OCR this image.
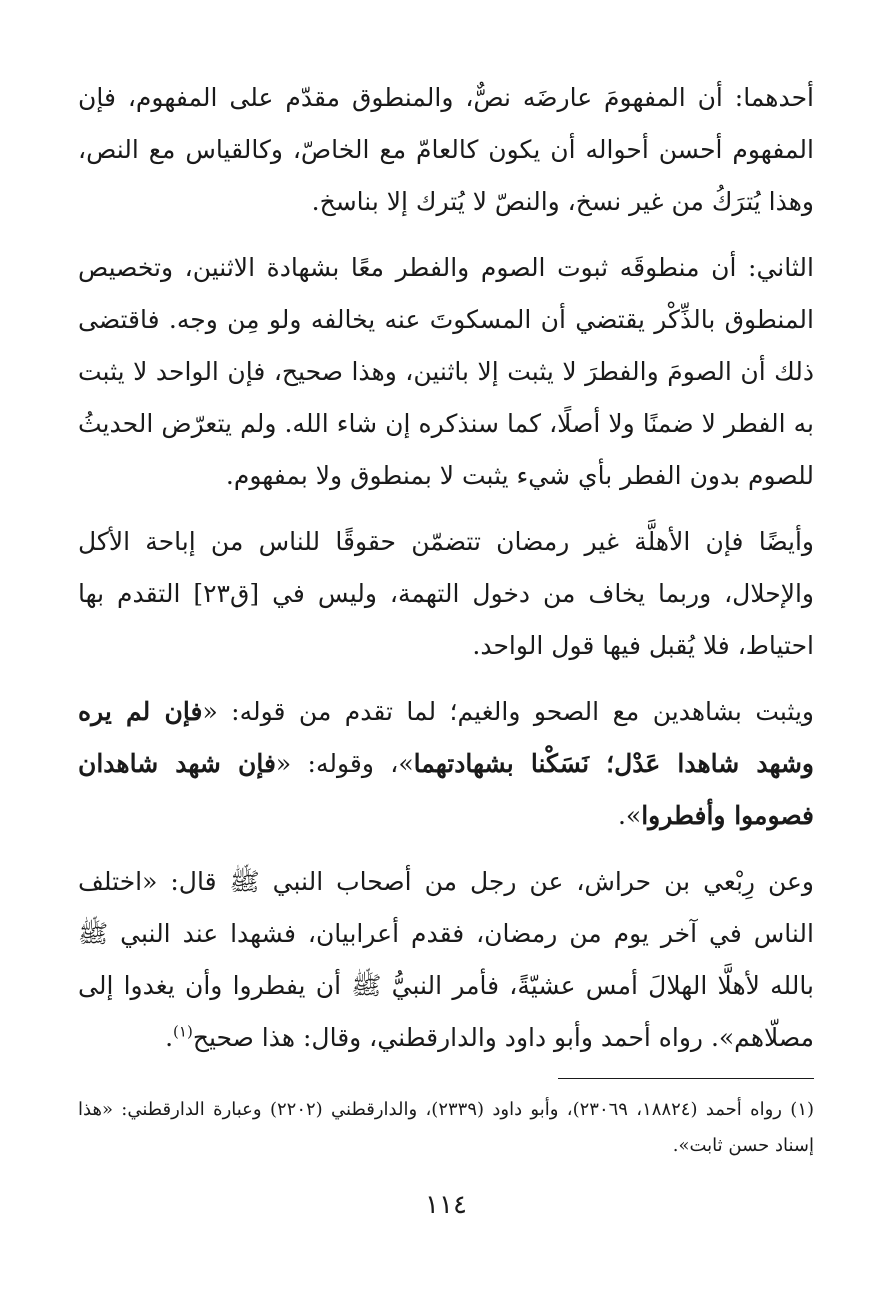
أحدهما: أن المفهومَ عارضَه نصٌّ، والمنطوق مقدّم على المفهوم، فإن المفهوم أحسن أحواله أن يكون كالعامّ مع الخاصّ، وكالقياس مع النص، وهذا يُترَكُ من غير نسخ، والنصّ لا يُترك إلا بناسخ.

الثاني: أن منطوقَه ثبوت الصوم والفطر معًا بشهادة الاثنين، وتخصيص المنطوق بالذِّكْر يقتضي أن المسكوتَ عنه يخالفه ولو مِن وجه. فاقتضى ذلك أن الصومَ والفطرَ لا يثبت إلا باثنين، وهذا صحيح، فإن الواحد لا يثبت به الفطر لا ضمنًا ولا أصلًا، كما سنذكره إن شاء الله. ولم يتعرّض الحديثُ للصوم بدون الفطر بأي شيء يثبت لا بمنطوق ولا بمفهوم.

وأيضًا فإن الأهلَّة غير رمضان تتضمّن حقوقًا للناس من إباحة الأكل والإحلال، وربما يخاف من دخول التهمة، وليس في [ق٢٣] التقدم بها احتياط، فلا يُقبل فيها قول الواحد.

ويثبت بشاهدين مع الصحو والغيم؛ لما تقدم من قوله: «فإن لم يره وشهد شاهدا عَدْل؛ نَسَكْنا بشهادتهما»، وقوله: «فإن شهد شاهدان فصوموا وأفطروا».

وعن رِبْعي بن حراش، عن رجل من أصحاب النبي ﷺ قال: «اختلف الناس في آخر يوم من رمضان، فقدم أعرابيان، فشهدا عند النبي ﷺ بالله لأهلَّا الهلالَ أمس عشيّةً، فأمر النبيُّ ﷺ أن يفطروا وأن يغدوا إلى مصلّاهم». رواه أحمد وأبو داود والدارقطني، وقال: هذا صحيح$^{(١)}$.

(١) رواه أحمد (١٨٨٢٤، ٢٣٠٦٩)، وأبو داود (٢٣٣٩)، والدارقطني (٢٢٠٢) وعبارة الدارقطني: «هذا إسناد حسن ثابت».
١١٤
